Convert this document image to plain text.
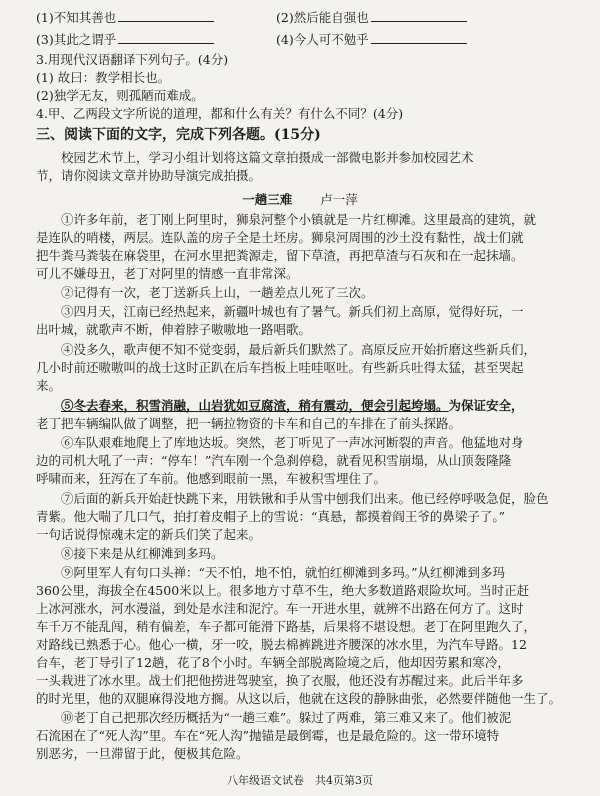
(1)不知其善也	(2)然后能自强也
(3)其此之谓乎	(4)今人可不勉乎
3.用现代汉语翻译下列句子。(4分)
(1) 故曰：教学相长也。
(2)独学无友，则孤陋而难成。
4.甲、乙两段文字所说的道理，都和什么有关？有什么不同？(4分)
三、阅读下面的文字，完成下列各题。(15分)
校园艺术节上，学习小组计划将这篇文章拍摄成一部微电影并参加校园艺术
节，请你阅读文章并协助导演完成拍摄。
一趟三难 卢一萍
①许多年前，老丁刚上阿里时，狮泉河整个小镇就是一片红柳滩。这里最高的建筑，就
是连队的哨楼，两层。连队盖的房子全是土坯房。狮泉河周围的沙土没有黏性，战士们就
把牛粪马粪装在麻袋里，在河水里把粪源走，留下草渣，再把草渣与石灰和在一起抹墙。
可儿不嫌母丑，老丁对阿里的情感一直非常深。
②记得有一次，老丁送新兵上山，一趟差点儿死了三次。
③四月天，江南已经热起来，新疆叶城也有了暑气。新兵们初上高原，觉得好玩，一
出叶城，就歌声不断，伸着脖子嗷嗷地一路唱歌。
④没多久，歌声便不知不觉变弱，最后新兵们默然了。高原反应开始折磨这些新兵们，
几小时前还嗷嗷叫的战士这时正趴在后车挡板上哇哇呕吐。有些新兵吐得太猛，甚至哭起
来。
⑤冬去春来，积雪消融，山岩犹如豆腐渣，稍有震动，便会引起垮塌。为保证安全，
老丁把车辆编队做了调整，把一辆拉物资的卡车和自己的车排在了前头探路。
⑥车队艰难地爬上了库地达坂。突然，老丁听见了一声冰河断裂的声音。他猛地对身
边的司机大吼了一声：“停车！”汽车刚一个急刹停稳，就看见积雪崩塌，从山顶轰隆隆
呼啸而来，狂泻在了车前。他感到眼前一黑，车被积雪埋住了。
⑦后面的新兵开始赶快跳下来，用铁锹和手从雪中刨我们出来。他已经停呼吸急促，脸色
青紫。他大喘了几口气，拍打着皮帽子上的雪说：“真悬，都摸着阎王爷的鼻梁子了。”
一句话说得惊魂未定的新兵们笑了起来。
⑧接下来是从红柳滩到多玛。
⑨阿里军人有句口头禅：“天不怕，地不怕，就怕红柳滩到多玛。”从红柳滩到多玛
360公里，海拔全在4500米以上。很多地方寸草不生，绝大多数道路艰险坎坷。当时正赶
上冰河涨水，河水漫溢，到处是水洼和泥泞。车一开进水里，就辨不出路在何方了。这时
车千万不能乱闯，稍有偏差，车子都可能滑下路基，后果将不堪设想。老丁在阿里跑久了，
对路线已熟悉于心。他心一横，牙一咬，脱去棉裤跳进齐腰深的冰水里，为汽车导路。12
台车，老丁导引了12趟，花了8个小时。车辆全部脱离险境之后，他却因劳累和寒冷，
一头栽进了冰水里。战士们把他捞进驾驶室，换了衣服，他还没有苏醒过来。此后半年多
的时光里，他的双腿麻得没地方搁。从这以后，他就在这段的静脉曲张，必然要伴随他一生了。
⑩老丁自己把那次经历概括为“一趟三难”。躲过了两难，第三难又来了。他们被泥
石流困在了“死人沟”里。车在“死人沟”抛锚是最倒霉，也是最危险的。这一带环境特
别恶劣，一旦滞留于此，便极其危险。
八年级语文试卷　共4页第3页
